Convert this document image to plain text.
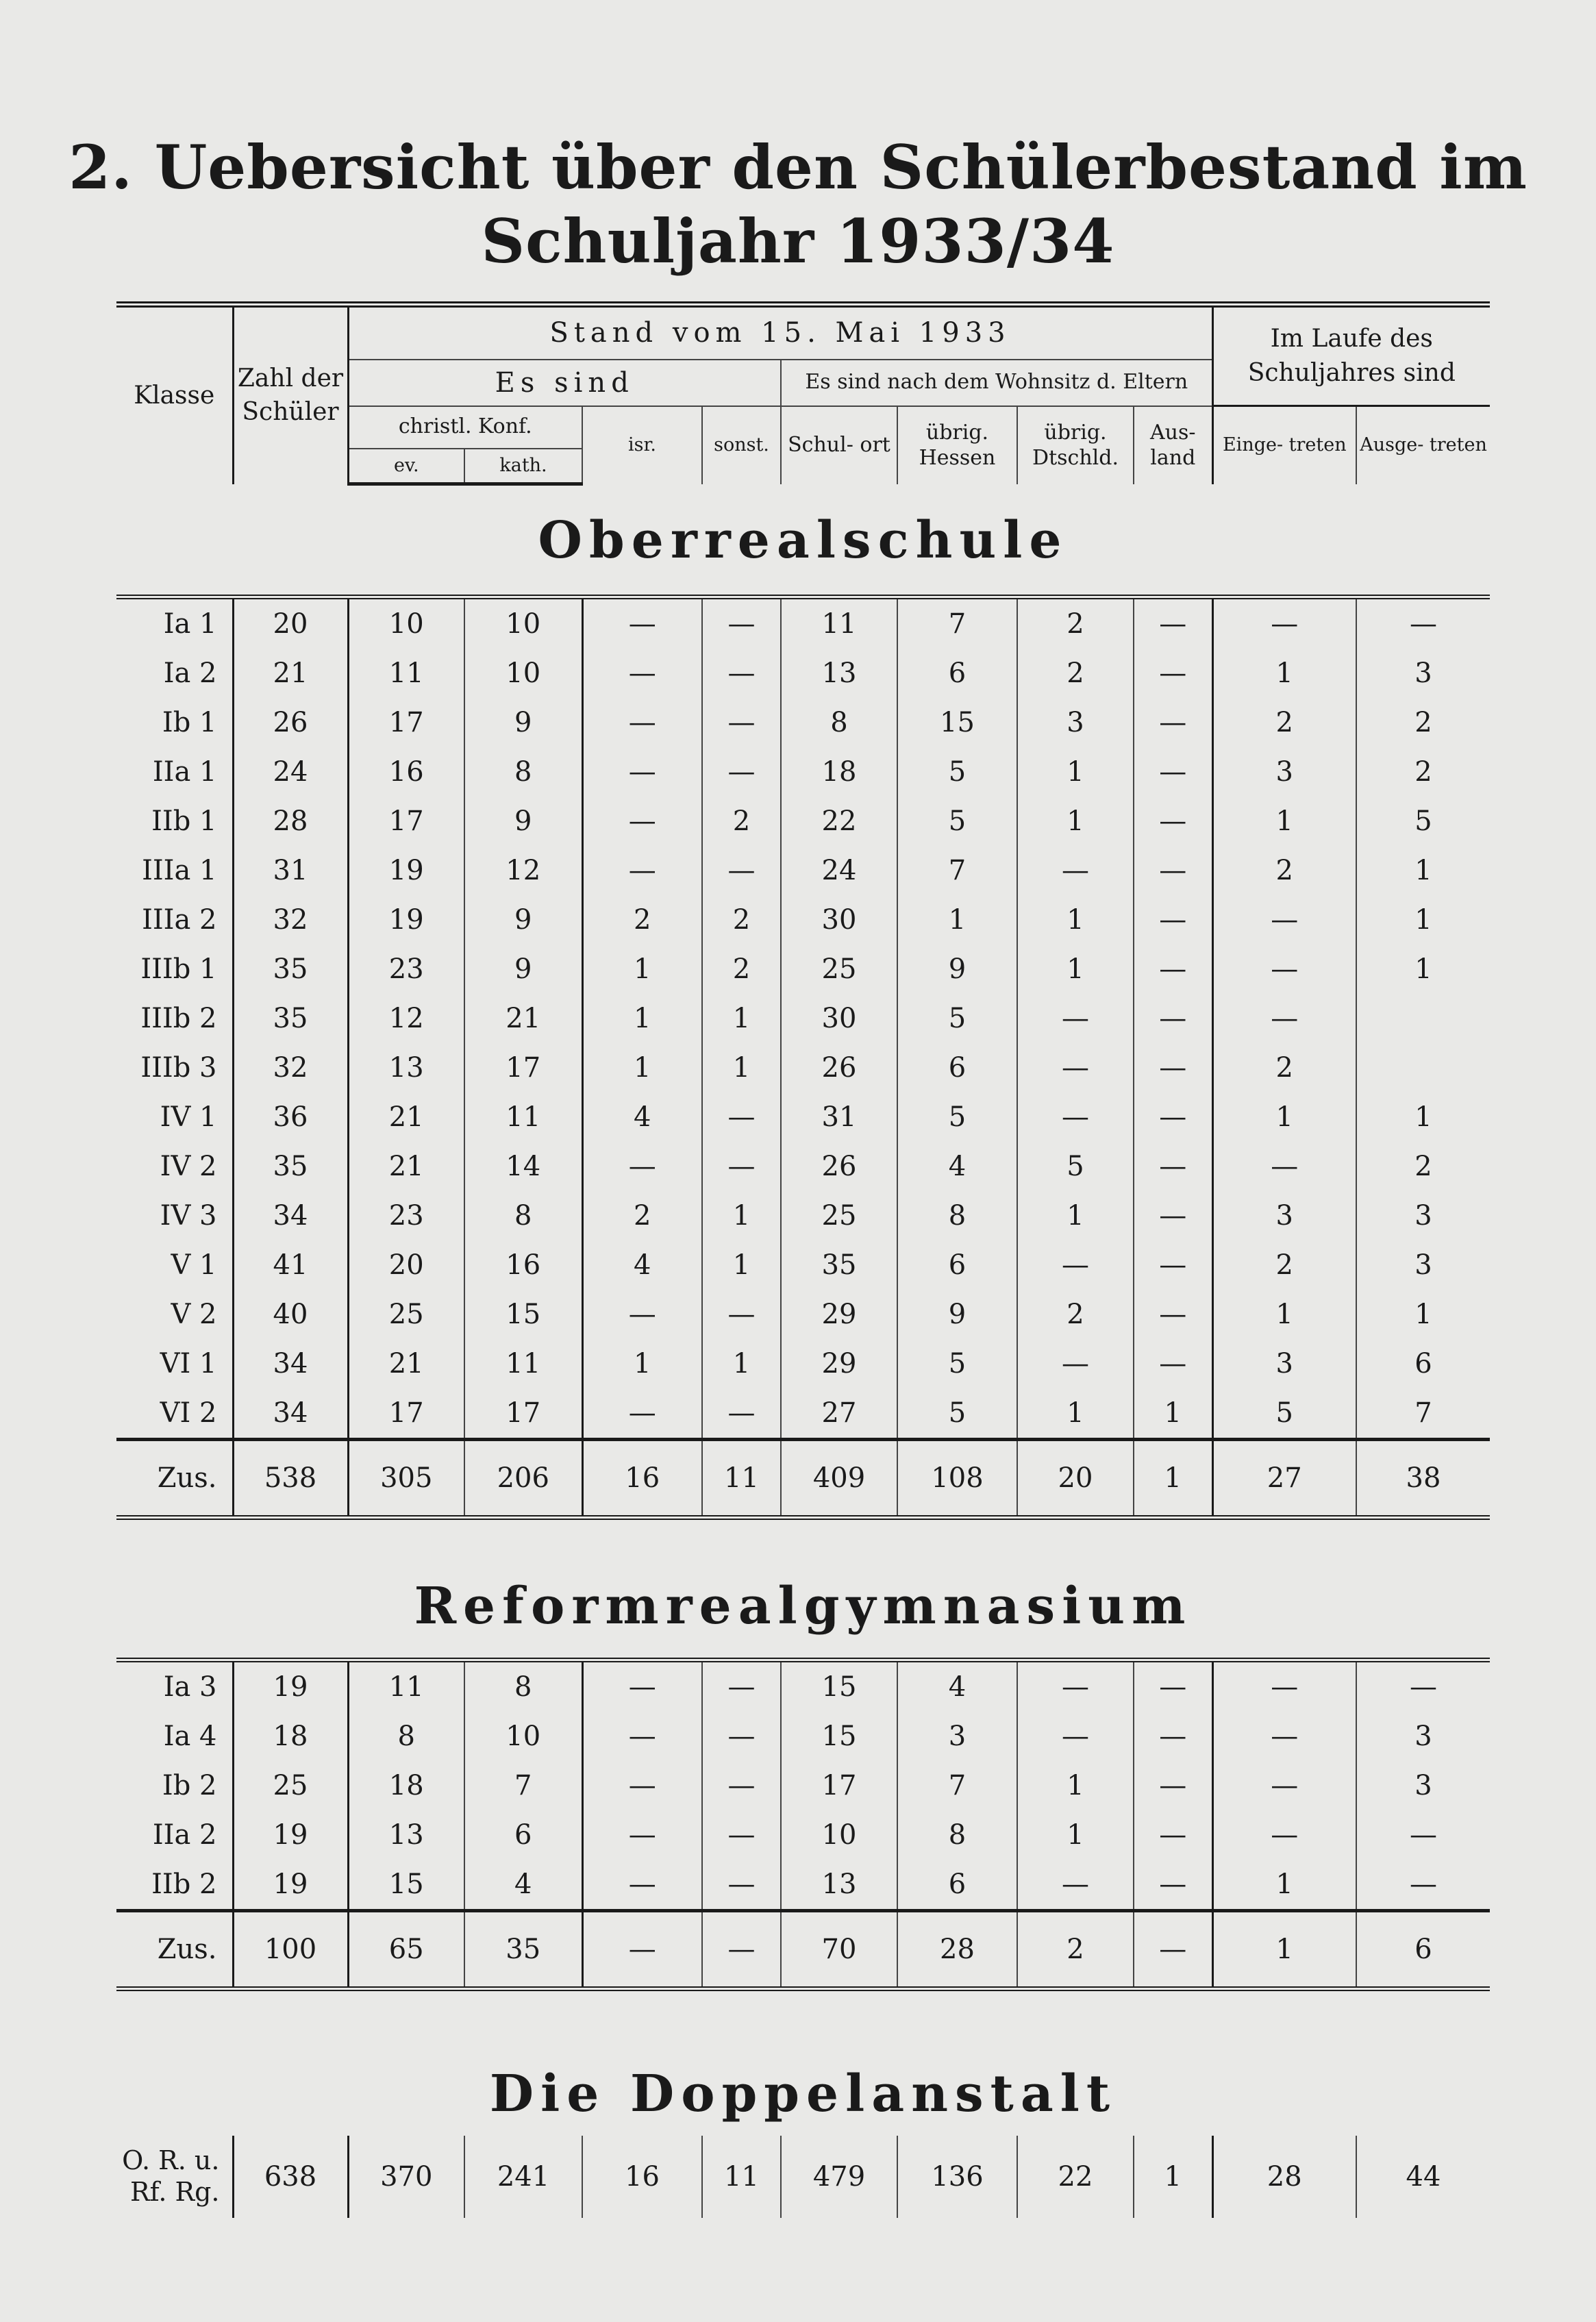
2. Uebersicht über den Schülerbestand im
Schuljahr 1933/34
Klasse	Zahl der Schüler	Stand vom 15. Mai 1933								Im Laufe des Schuljahres sind	
		Es sind				Es sind nach dem Wohnsitz d. Eltern					
		christl. Konf.		isr.	sonst.	Schul- ort	übrig. Hessen	übrig. Dtschld.	Aus- land	Einge- treten	Ausge- treten
		ev.	kath.								
Oberrealschule
Ia 1	20	10	10	—	—	11	7	2	—	—	—
Ia 2	21	11	10	—	—	13	6	2	—	1	3
Ib 1	26	17	9	—	—	8	15	3	—	2	2
IIa 1	24	16	8	—	—	18	5	1	—	3	2
IIb 1	28	17	9	—	2	22	5	1	—	1	5
IIIa 1	31	19	12	—	—	24	7	—	—	2	1
IIIa 2	32	19	9	2	2	30	1	1	—	—	1
IIIb 1	35	23	9	1	2	25	9	1	—	—	1
IIIb 2	35	12	21	1	1	30	5	—	—	—	
IIIb 3	32	13	17	1	1	26	6	—	—	2	
IV 1	36	21	11	4	—	31	5	—	—	1	1
IV 2	35	21	14	—	—	26	4	5	—	—	2
IV 3	34	23	8	2	1	25	8	1	—	3	3
V 1	41	20	16	4	1	35	6	—	—	2	3
V 2	40	25	15	—	—	29	9	2	—	1	1
VI 1	34	21	11	1	1	29	5	—	—	3	6
VI 2	34	17	17	—	—	27	5	1	1	5	7
Zus.	538	305	206	16	11	409	108	20	1	27	38
Reformrealgymnasium
Ia 3	19	11	8	—	—	15	4	—	—	—	—
Ia 4	18	8	10	—	—	15	3	—	—	—	3
Ib 2	25	18	7	—	—	17	7	1	—	—	3
IIa 2	19	13	6	—	—	10	8	1	—	—	—
IIb 2	19	15	4	—	—	13	6	—	—	1	—
Zus.	100	65	35	—	—	70	28	2	—	1	6
Die Doppelanstalt
O. R. u.
Rf. Rg.	638	370	241	16	11	479	136	22	1	28	44
